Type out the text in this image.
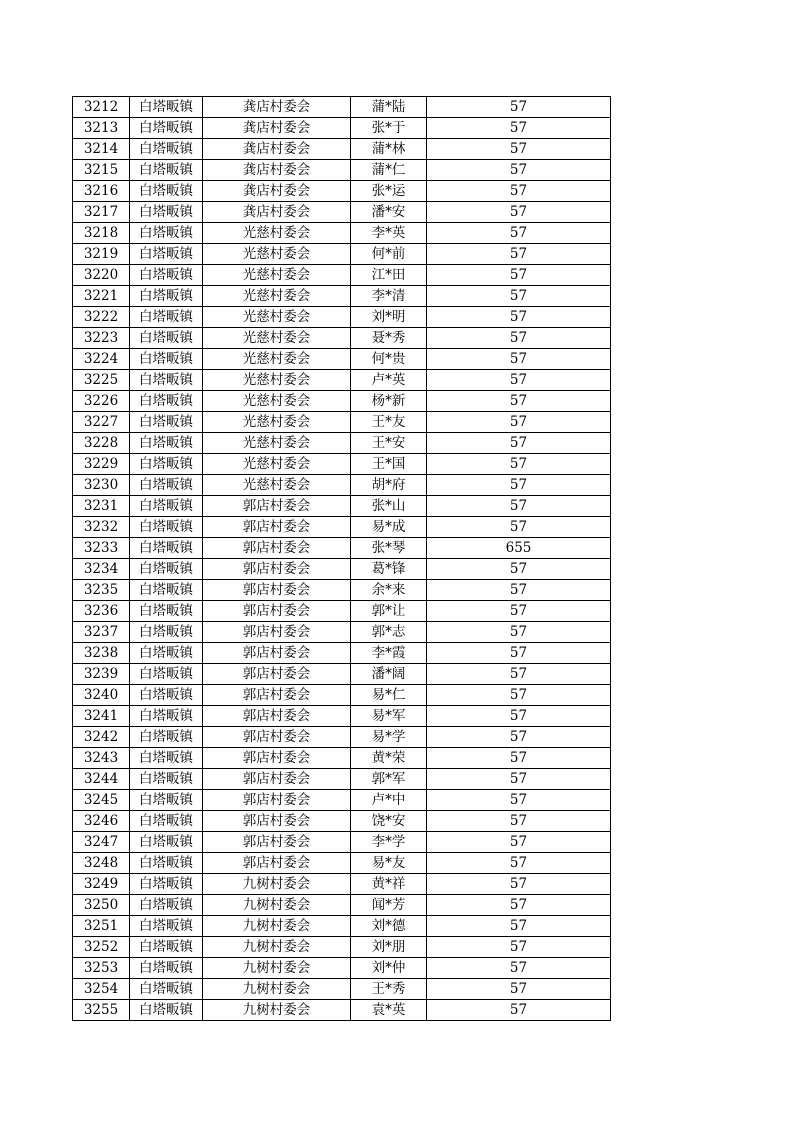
3212	白塔畈镇	龚店村委会	蒲*陆	57
3213	白塔畈镇	龚店村委会	张*于	57
3214	白塔畈镇	龚店村委会	蒲*林	57
3215	白塔畈镇	龚店村委会	蒲*仁	57
3216	白塔畈镇	龚店村委会	张*运	57
3217	白塔畈镇	龚店村委会	潘*安	57
3218	白塔畈镇	光慈村委会	李*英	57
3219	白塔畈镇	光慈村委会	何*前	57
3220	白塔畈镇	光慈村委会	江*田	57
3221	白塔畈镇	光慈村委会	李*清	57
3222	白塔畈镇	光慈村委会	刘*明	57
3223	白塔畈镇	光慈村委会	聂*秀	57
3224	白塔畈镇	光慈村委会	何*贵	57
3225	白塔畈镇	光慈村委会	卢*英	57
3226	白塔畈镇	光慈村委会	杨*新	57
3227	白塔畈镇	光慈村委会	王*友	57
3228	白塔畈镇	光慈村委会	王*安	57
3229	白塔畈镇	光慈村委会	王*国	57
3230	白塔畈镇	光慈村委会	胡*府	57
3231	白塔畈镇	郭店村委会	张*山	57
3232	白塔畈镇	郭店村委会	易*成	57
3233	白塔畈镇	郭店村委会	张*琴	655
3234	白塔畈镇	郭店村委会	葛*锋	57
3235	白塔畈镇	郭店村委会	余*来	57
3236	白塔畈镇	郭店村委会	郭*让	57
3237	白塔畈镇	郭店村委会	郭*志	57
3238	白塔畈镇	郭店村委会	李*霞	57
3239	白塔畈镇	郭店村委会	潘*阔	57
3240	白塔畈镇	郭店村委会	易*仁	57
3241	白塔畈镇	郭店村委会	易*军	57
3242	白塔畈镇	郭店村委会	易*学	57
3243	白塔畈镇	郭店村委会	黄*荣	57
3244	白塔畈镇	郭店村委会	郭*军	57
3245	白塔畈镇	郭店村委会	卢*中	57
3246	白塔畈镇	郭店村委会	饶*安	57
3247	白塔畈镇	郭店村委会	李*学	57
3248	白塔畈镇	郭店村委会	易*友	57
3249	白塔畈镇	九树村委会	黄*祥	57
3250	白塔畈镇	九树村委会	闻*芳	57
3251	白塔畈镇	九树村委会	刘*德	57
3252	白塔畈镇	九树村委会	刘*朋	57
3253	白塔畈镇	九树村委会	刘*仲	57
3254	白塔畈镇	九树村委会	王*秀	57
3255	白塔畈镇	九树村委会	袁*英	57
